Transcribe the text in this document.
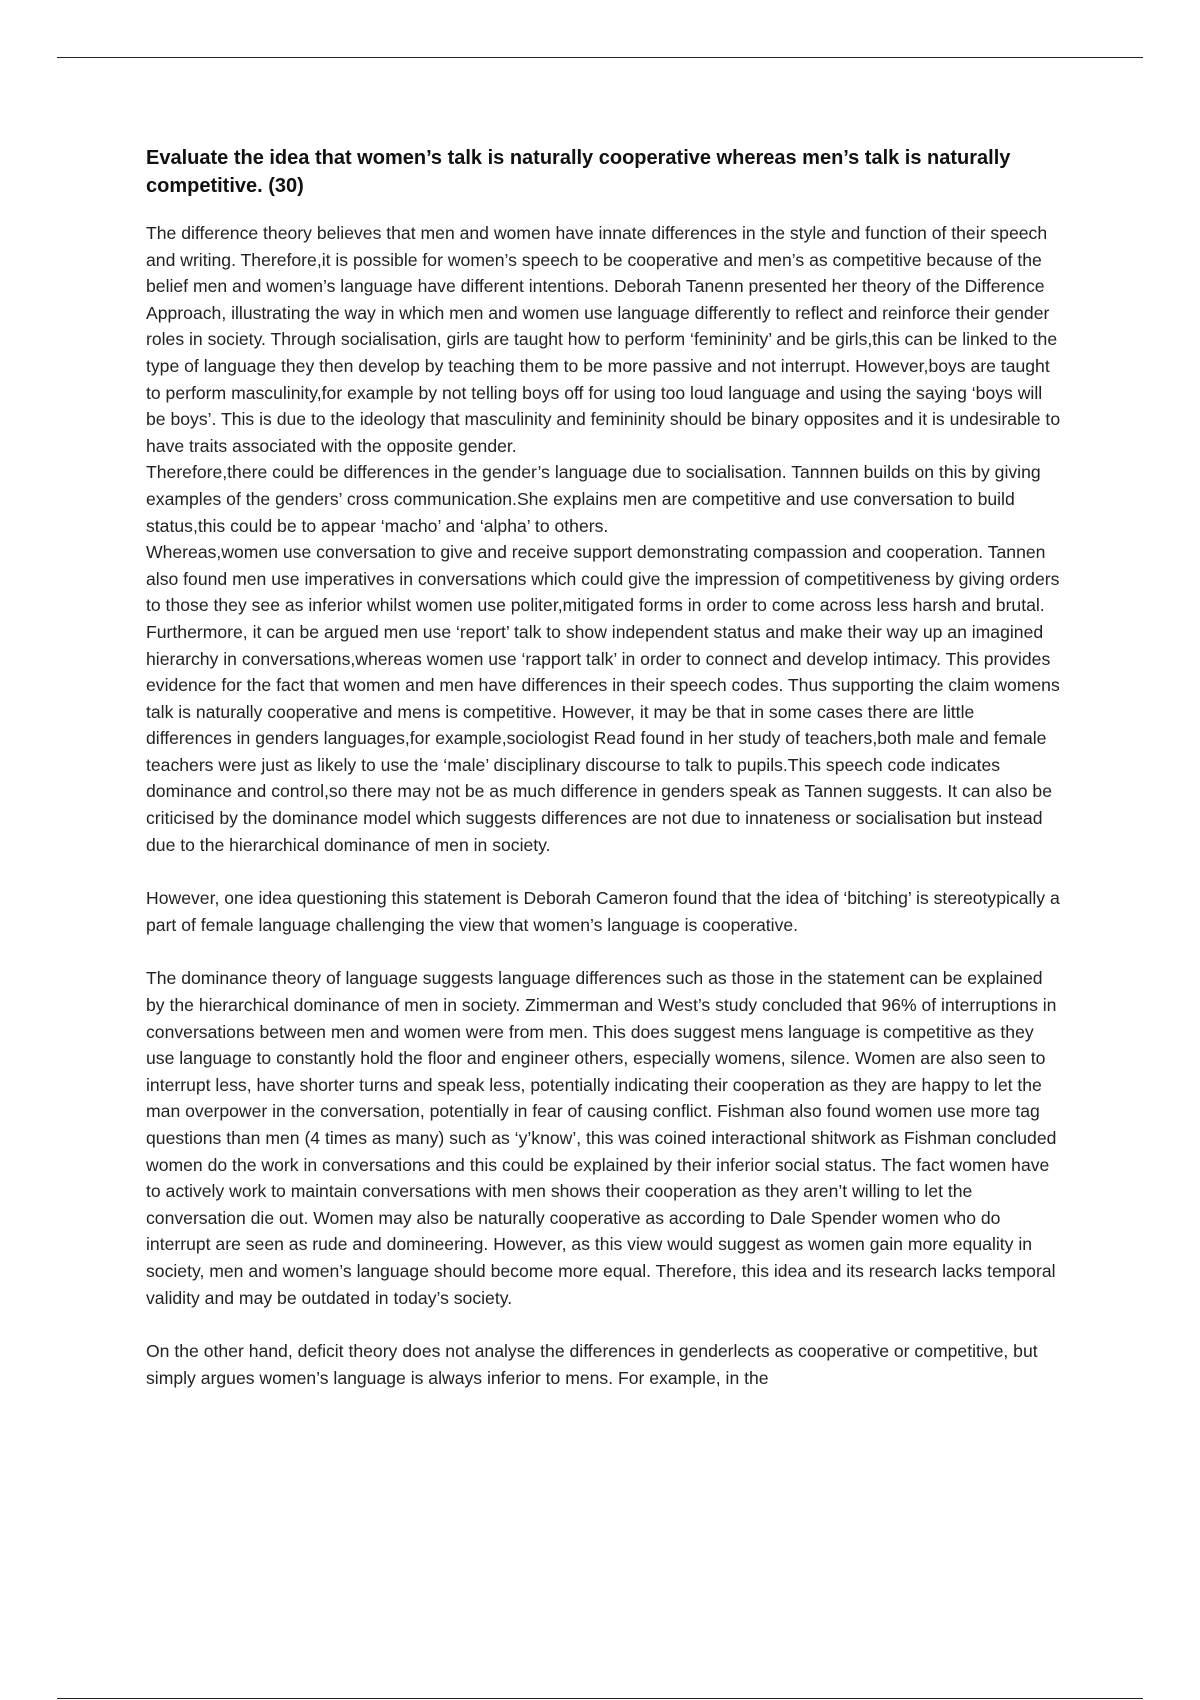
Evaluate the idea that women’s talk is naturally cooperative whereas men’s talk is naturally competitive. (30)

The difference theory believes that men and women have innate differences in the style and function of their speech and writing. Therefore,it is possible for women’s speech to be cooperative and men’s as competitive because of the belief men and women’s language have different intentions. Deborah Tanenn presented her theory of the Difference Approach, illustrating the way in which men and women use language differently to reflect and reinforce their gender roles in society. Through socialisation, girls are taught how to perform ‘femininity’ and be girls,this can be linked to the type of language they then develop by teaching them to be more passive and not interrupt. However,boys are taught to perform masculinity,for example by not telling boys off for using too loud language and using the saying ‘boys will be boys’. This is due to the ideology that masculinity and femininity should be binary opposites and it is undesirable to have traits associated with the opposite gender.
Therefore,there could be differences in the gender’s language due to socialisation. Tannnen builds on this by giving examples of the genders’ cross communication.She explains men are competitive and use conversation to build status,this could be to appear ‘macho’ and ‘alpha’ to others.
Whereas,women use conversation to give and receive support demonstrating compassion and cooperation. Tannen also found men use imperatives in conversations which could give the impression of competitiveness by giving orders to those they see as inferior whilst women use politer,mitigated forms in order to come across less harsh and brutal. Furthermore, it can be argued men use ‘report’ talk to show independent status and make their way up an imagined hierarchy in conversations,whereas women use ‘rapport talk’ in order to connect and develop intimacy. This provides evidence for the fact that women and men have differences in their speech codes. Thus supporting the claim womens talk is naturally cooperative and mens is competitive. However, it may be that in some cases there are little differences in genders languages,for example,sociologist Read found in her study of teachers,both male and female teachers were just as likely to use the ‘male’ disciplinary discourse to talk to pupils.This speech code indicates dominance and control,so there may not be as much difference in genders speak as Tannen suggests. It can also be criticised by the dominance model which suggests differences are not due to innateness or socialisation but instead due to the hierarchical dominance of men in society.

However, one idea questioning this statement is Deborah Cameron found that the idea of ‘bitching’ is stereotypically a part of female language challenging the view that women’s language is cooperative.

The dominance theory of language suggests language differences such as those in the statement can be explained by the hierarchical dominance of men in society. Zimmerman and West’s study concluded that 96% of interruptions in conversations between men and women were from men. This does suggest mens language is competitive as they use language to constantly hold the floor and engineer others, especially womens, silence. Women are also seen to interrupt less, have shorter turns and speak less, potentially indicating their cooperation as they are happy to let the man overpower in the conversation, potentially in fear of causing conflict. Fishman also found women use more tag questions than men (4 times as many) such as ‘y’know’, this was coined interactional shitwork as Fishman concluded women do the work in conversations and this could be explained by their inferior social status. The fact women have to actively work to maintain conversations with men shows their cooperation as they aren’t willing to let the conversation die out. Women may also be naturally cooperative as according to Dale Spender women who do interrupt are seen as rude and domineering. However, as this view would suggest as women gain more equality in society, men and women’s language should become more equal. Therefore, this idea and its research lacks temporal validity and may be outdated in today’s society.

On the other hand, deficit theory does not analyse the differences in genderlects as cooperative or competitive, but simply argues women’s language is always inferior to mens. For example, in the
